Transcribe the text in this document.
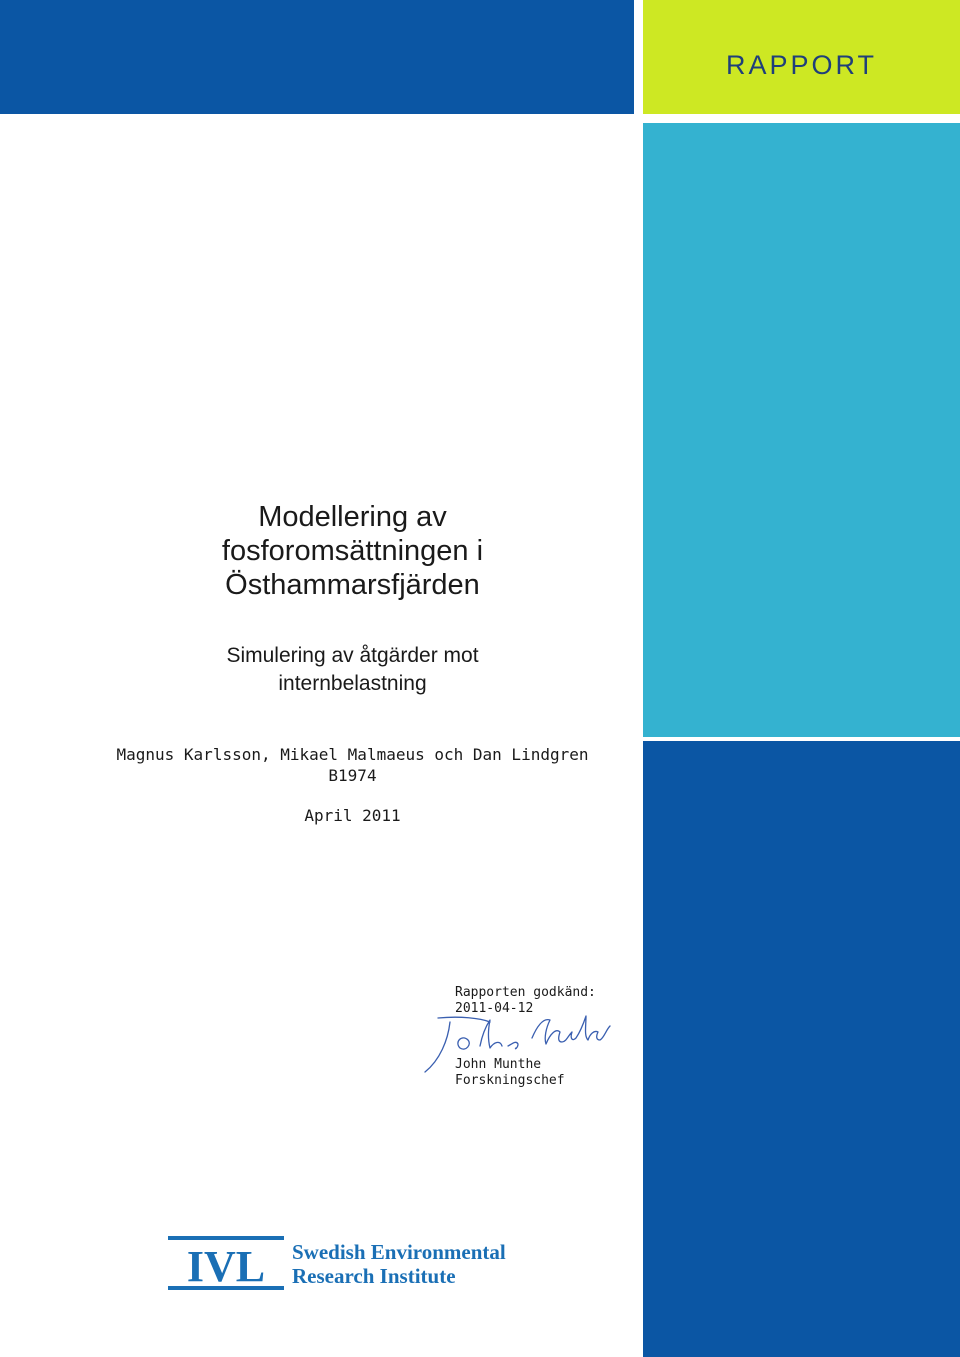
RAPPORT
Modellering av
fosforomsättningen i
Östhammarsfjärden
Simulering av åtgärder mot
internbelastning
Magnus Karlsson, Mikael Malmaeus och Dan Lindgren
B1974
April 2011
Rapporten godkänd:
2011-04-12
John Munthe
Forskningschef
IVL Swedish Environmental
Research Institute
